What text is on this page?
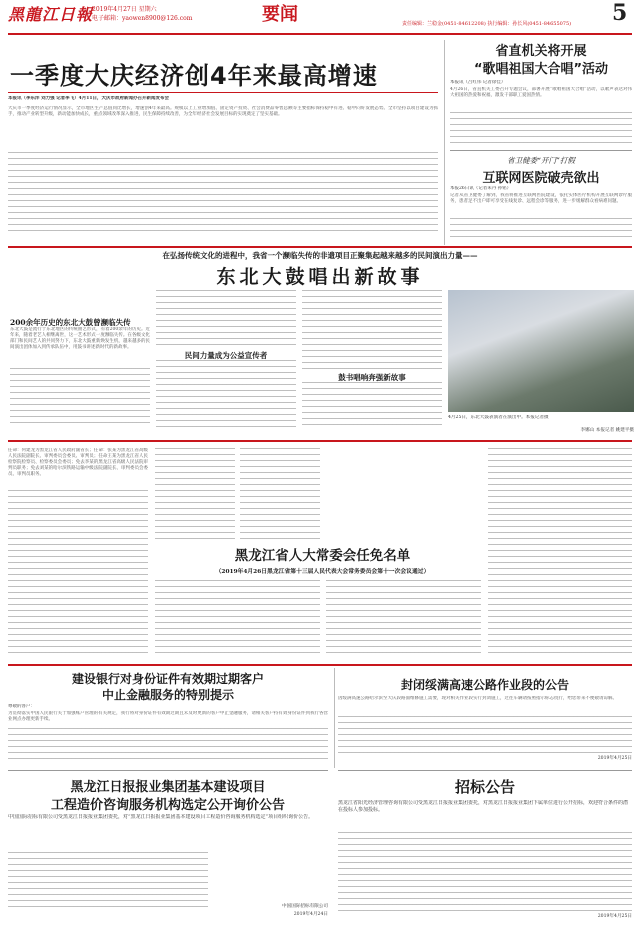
黑龍江日報
2019年4月27日 星期六
电子邮箱：yaowen8900@126.com	要闻	5
责任编辑：兰稳金(0451-84612208) 执行编辑：孙长风(0451-84655075)
一季度大庆经济创4年来最高增速
本报讯（李东洋 刘力强 记者李飞）4月11日，大庆市政府新闻办召开新闻发布会
大庆市一季度经济运行情况显示，全市地区生产总值同比增长，增速创4年来最高。规模以上工业增加值、固定资产投资、社会消费品零售总额等主要指标保持稳中有进、稳中向好发展态势。全市坚持以项目建设为抓手，推动产业转型升级，新动能加快成长，重点领域改革深入推进，民生保障持续改善，为全年经济社会发展目标的实现奠定了坚实基础。
省直机关将开展
“歌唱祖国大合唱”活动
本报讯（吕红伟 记者徐佳）
4月26日，省直机关工委召开专题会议，部署开展“歌唱祖国大合唱”活动，以歌声表达对伟大祖国的热爱和祝福，激发干部职工爱国热情。
省卫健委“开门”打假
互联网医院破壳欲出
本报26日讯（记者朱丹 孙铭）
记者从省卫健委了解到，我省将推进互联网医院建设，依托实体医疗机构开展互联网诊疗服务，患者足不出户即可享受在线复诊、远程会诊等服务，进一步缓解群众看病难问题。
在弘扬传统文化的进程中，我省一个濒临失传的非遗项目正聚集起越来越多的民间演出力量——
东北大鼓唱出新故事
200余年历史的东北大鼓曾濒临失传
东北大鼓是流行于东北地区的传统曲艺形式，有着200余年的历史。近年来，随着老艺人相继离世，这一艺术形式一度濒临失传。在各级文化部门和民间艺人的共同努力下，东北大鼓重新焕发生机，越来越多的民间演出团体加入到传承队伍中，用鼓书讲述新时代的新故事。
民间力量成为公益宣传者
鼓书唱响奔强新故事
4月25日，东北大鼓表演者在演出中。本报记者摄
李娜山 本报记者 姚建平摄
任命：何建龙为黑龙江省人民政府副省长；任命：张某为黑龙江省高级人民法院副院长、审判委员会委员、审判员；任命王某为黑龙江省人民检察院检察员、检察委员会委员；免去李某的黑龙江省高级人民法院审判员职务；免去刘某的哈尔滨铁路运输中级法院副院长、审判委员会委员、审判员职务。
黑龙江省人大常委会任免名单
（2019年4月26日黑龙江省第十三届人民代表大会常务委员会第十一次会议通过）
建设银行对身份证件有效期过期客户
中止金融服务的特别提示
尊敬的客户：
为贯彻落实中国人民银行关于加强账户管理的有关规定，我行将对身份证件有效期过期且未及时更新的客户中止金融服务，请相关客户持有效身份证件到我行各营业网点办理更新手续。
封闭绥满高速公路作业段的公告
因绥满高速公路哈尔滨至大庆段路面维修施工需要，现对相关作业段实行封闭施工，过往车辆请按照指示标志绕行，给您带来不便敬请谅解。
2019年4月25日
黑龙江日报报业集团基本建设项目
工程造价咨询服务机构选定公开询价公告
中国国际招标有限公司受黑龙江日报报业集团委托，对“黑龙江日报报业集团基本建设项目工程造价咨询服务机构选定”项目组织询价公告。
中国国际招标有限公司
2019年4月24日
招标公告
黑龙江省阳光经济管理咨询有限公司受黑龙江日报报业集团委托，对黑龙江日报报业集团下属单位进行公开招标，欢迎符合条件的潜在投标人参加投标。
2019年4月25日
